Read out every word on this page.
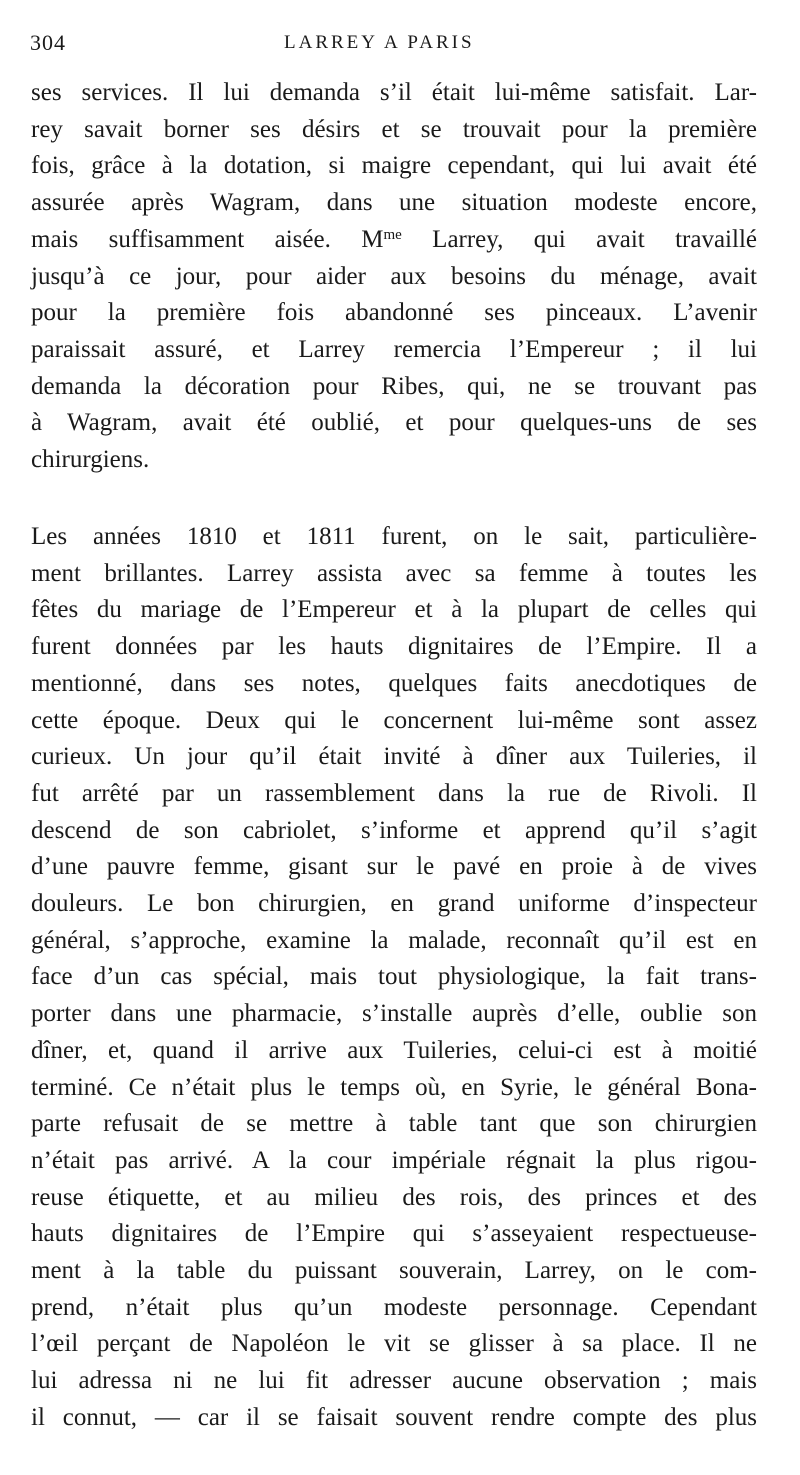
304	LARREY A PARIS

ses services. Il lui demanda s’il était lui-même satisfait. Lar-
rey savait borner ses désirs et se trouvait pour la première
fois, grâce à la dotation, si maigre cependant, qui lui avait été
assurée après Wagram, dans une situation modeste encore,
mais suffisamment aisée. $M^{me}$ Larrey, qui avait travaillé
jusqu’à ce jour, pour aider aux besoins du ménage, avait
pour la première fois abandonné ses pinceaux. L’avenir
paraissait assuré, et Larrey remercia l’Empereur ; il lui
demanda la décoration pour Ribes, qui, ne se trouvant pas
à Wagram, avait été oublié, et pour quelques-uns de ses
chirurgiens.

Les années 1810 et 1811 furent, on le sait, particulière-
ment brillantes. Larrey assista avec sa femme à toutes les
fêtes du mariage de l’Empereur et à la plupart de celles qui
furent données par les hauts dignitaires de l’Empire. Il a
mentionné, dans ses notes, quelques faits anecdotiques de
cette époque. Deux qui le concernent lui-même sont assez
curieux. Un jour qu’il était invité à dîner aux Tuileries, il
fut arrêté par un rassemblement dans la rue de Rivoli. Il
descend de son cabriolet, s’informe et apprend qu’il s’agit
d’une pauvre femme, gisant sur le pavé en proie à de vives
douleurs. Le bon chirurgien, en grand uniforme d’inspecteur
général, s’approche, examine la malade, reconnaît qu’il est en
face d’un cas spécial, mais tout physiologique, la fait trans-
porter dans une pharmacie, s’installe auprès d’elle, oublie son
dîner, et, quand il arrive aux Tuileries, celui-ci est à moitié
terminé. Ce n’était plus le temps où, en Syrie, le général Bona-
parte refusait de se mettre à table tant que son chirurgien
n’était pas arrivé. A la cour impériale régnait la plus rigou-
reuse étiquette, et au milieu des rois, des princes et des
hauts dignitaires de l’Empire qui s’asseyaient respectueuse-
ment à la table du puissant souverain, Larrey, on le com-
prend, n’était plus qu’un modeste personnage. Cependant
l’œil perçant de Napoléon le vit se glisser à sa place. Il ne
lui adressa ni ne lui fit adresser aucune observation ; mais
il connut, — car il se faisait souvent rendre compte des plus
